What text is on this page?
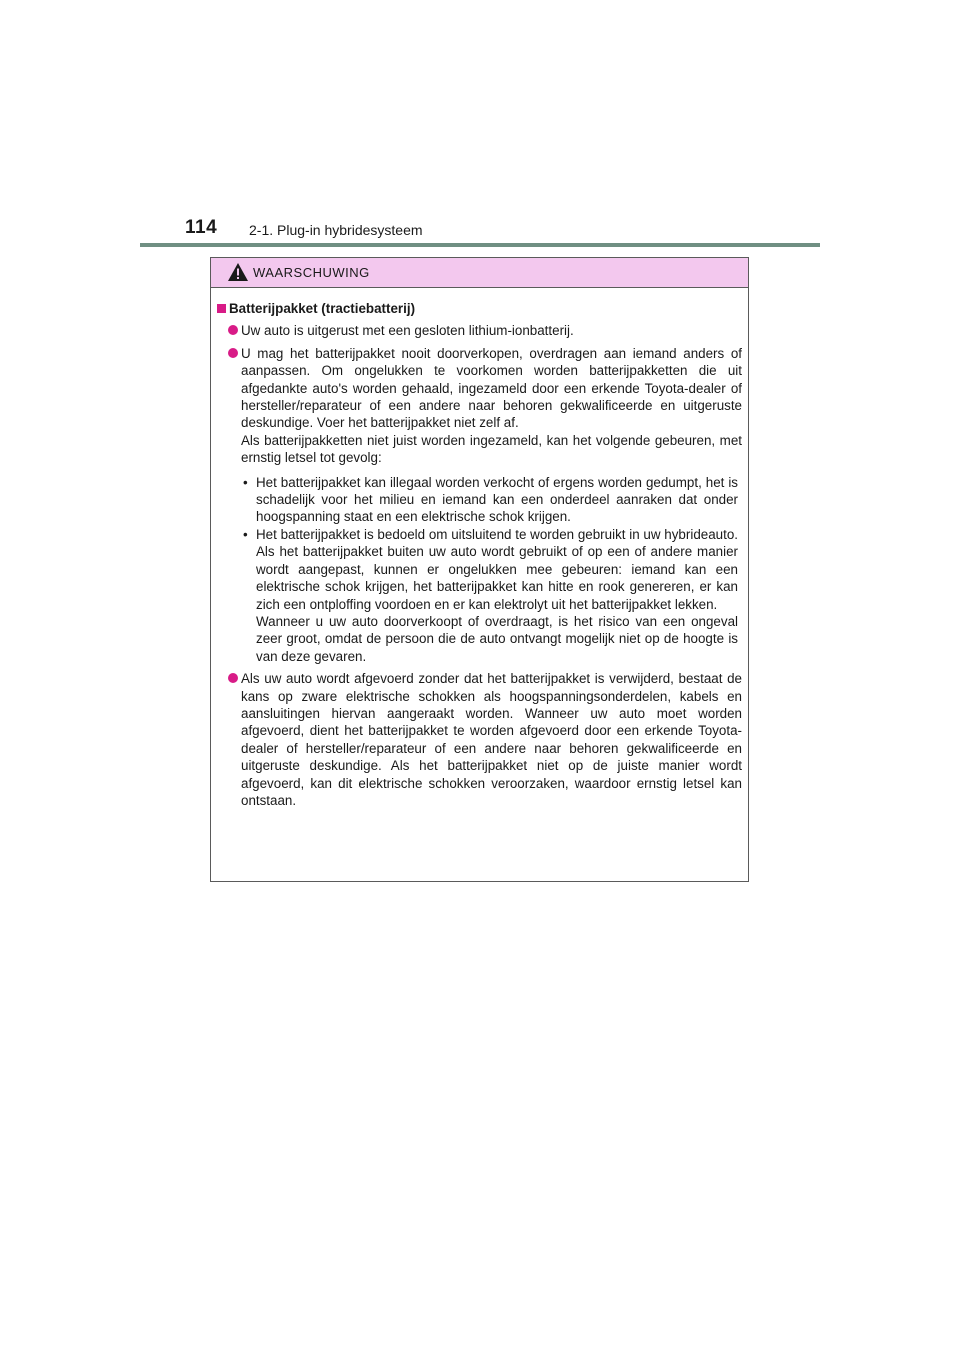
114 2-1. Plug-in hybridesysteem
WAARSCHUWING
Batterijpakket (tractiebatterij)

Uw auto is uitgerust met een gesloten lithium-ionbatterij.

U mag het batterijpakket nooit doorverkopen, overdragen aan iemand anders of aanpassen. Om ongelukken te voorkomen worden batterijpakketten die uit afgedankte auto's worden gehaald, ingezameld door een erkende Toyota-dealer of hersteller/reparateur of een andere naar behoren gekwalificeerde en uitgeruste deskundige. Voer het batterijpakket niet zelf af.

Als batterijpakketten niet juist worden ingezameld, kan het volgende gebeuren, met ernstig letsel tot gevolg:

• Het batterijpakket kan illegaal worden verkocht of ergens worden gedumpt, het is schadelijk voor het milieu en iemand kan een onderdeel aanraken dat onder hoogspanning staat en een elektrische schok krijgen.

• Het batterijpakket is bedoeld om uitsluitend te worden gebruikt in uw hybrideauto. Als het batterijpakket buiten uw auto wordt gebruikt of op een of andere manier wordt aangepast, kunnen er ongelukken mee gebeuren: iemand kan een elektrische schok krijgen, het batterijpakket kan hitte en rook genereren, er kan zich een ontploffing voordoen en er kan elektrolyt uit het batterijpakket lekken.

Wanneer u uw auto doorverkoopt of overdraagt, is het risico van een ongeval zeer groot, omdat de persoon die de auto ontvangt mogelijk niet op de hoogte is van deze gevaren.

Als uw auto wordt afgevoerd zonder dat het batterijpakket is verwijderd, bestaat de kans op zware elektrische schokken als hoogspanningsonderdelen, kabels en aansluitingen hiervan aangeraakt worden. Wanneer uw auto moet worden afgevoerd, dient het batterijpakket te worden afgevoerd door een erkende Toyota-dealer of hersteller/reparateur of een andere naar behoren gekwalificeerde en uitgeruste deskundige. Als het batterijpakket niet op de juiste manier wordt afgevoerd, kan dit elektrische schokken veroorzaken, waardoor ernstig letsel kan ontstaan.
